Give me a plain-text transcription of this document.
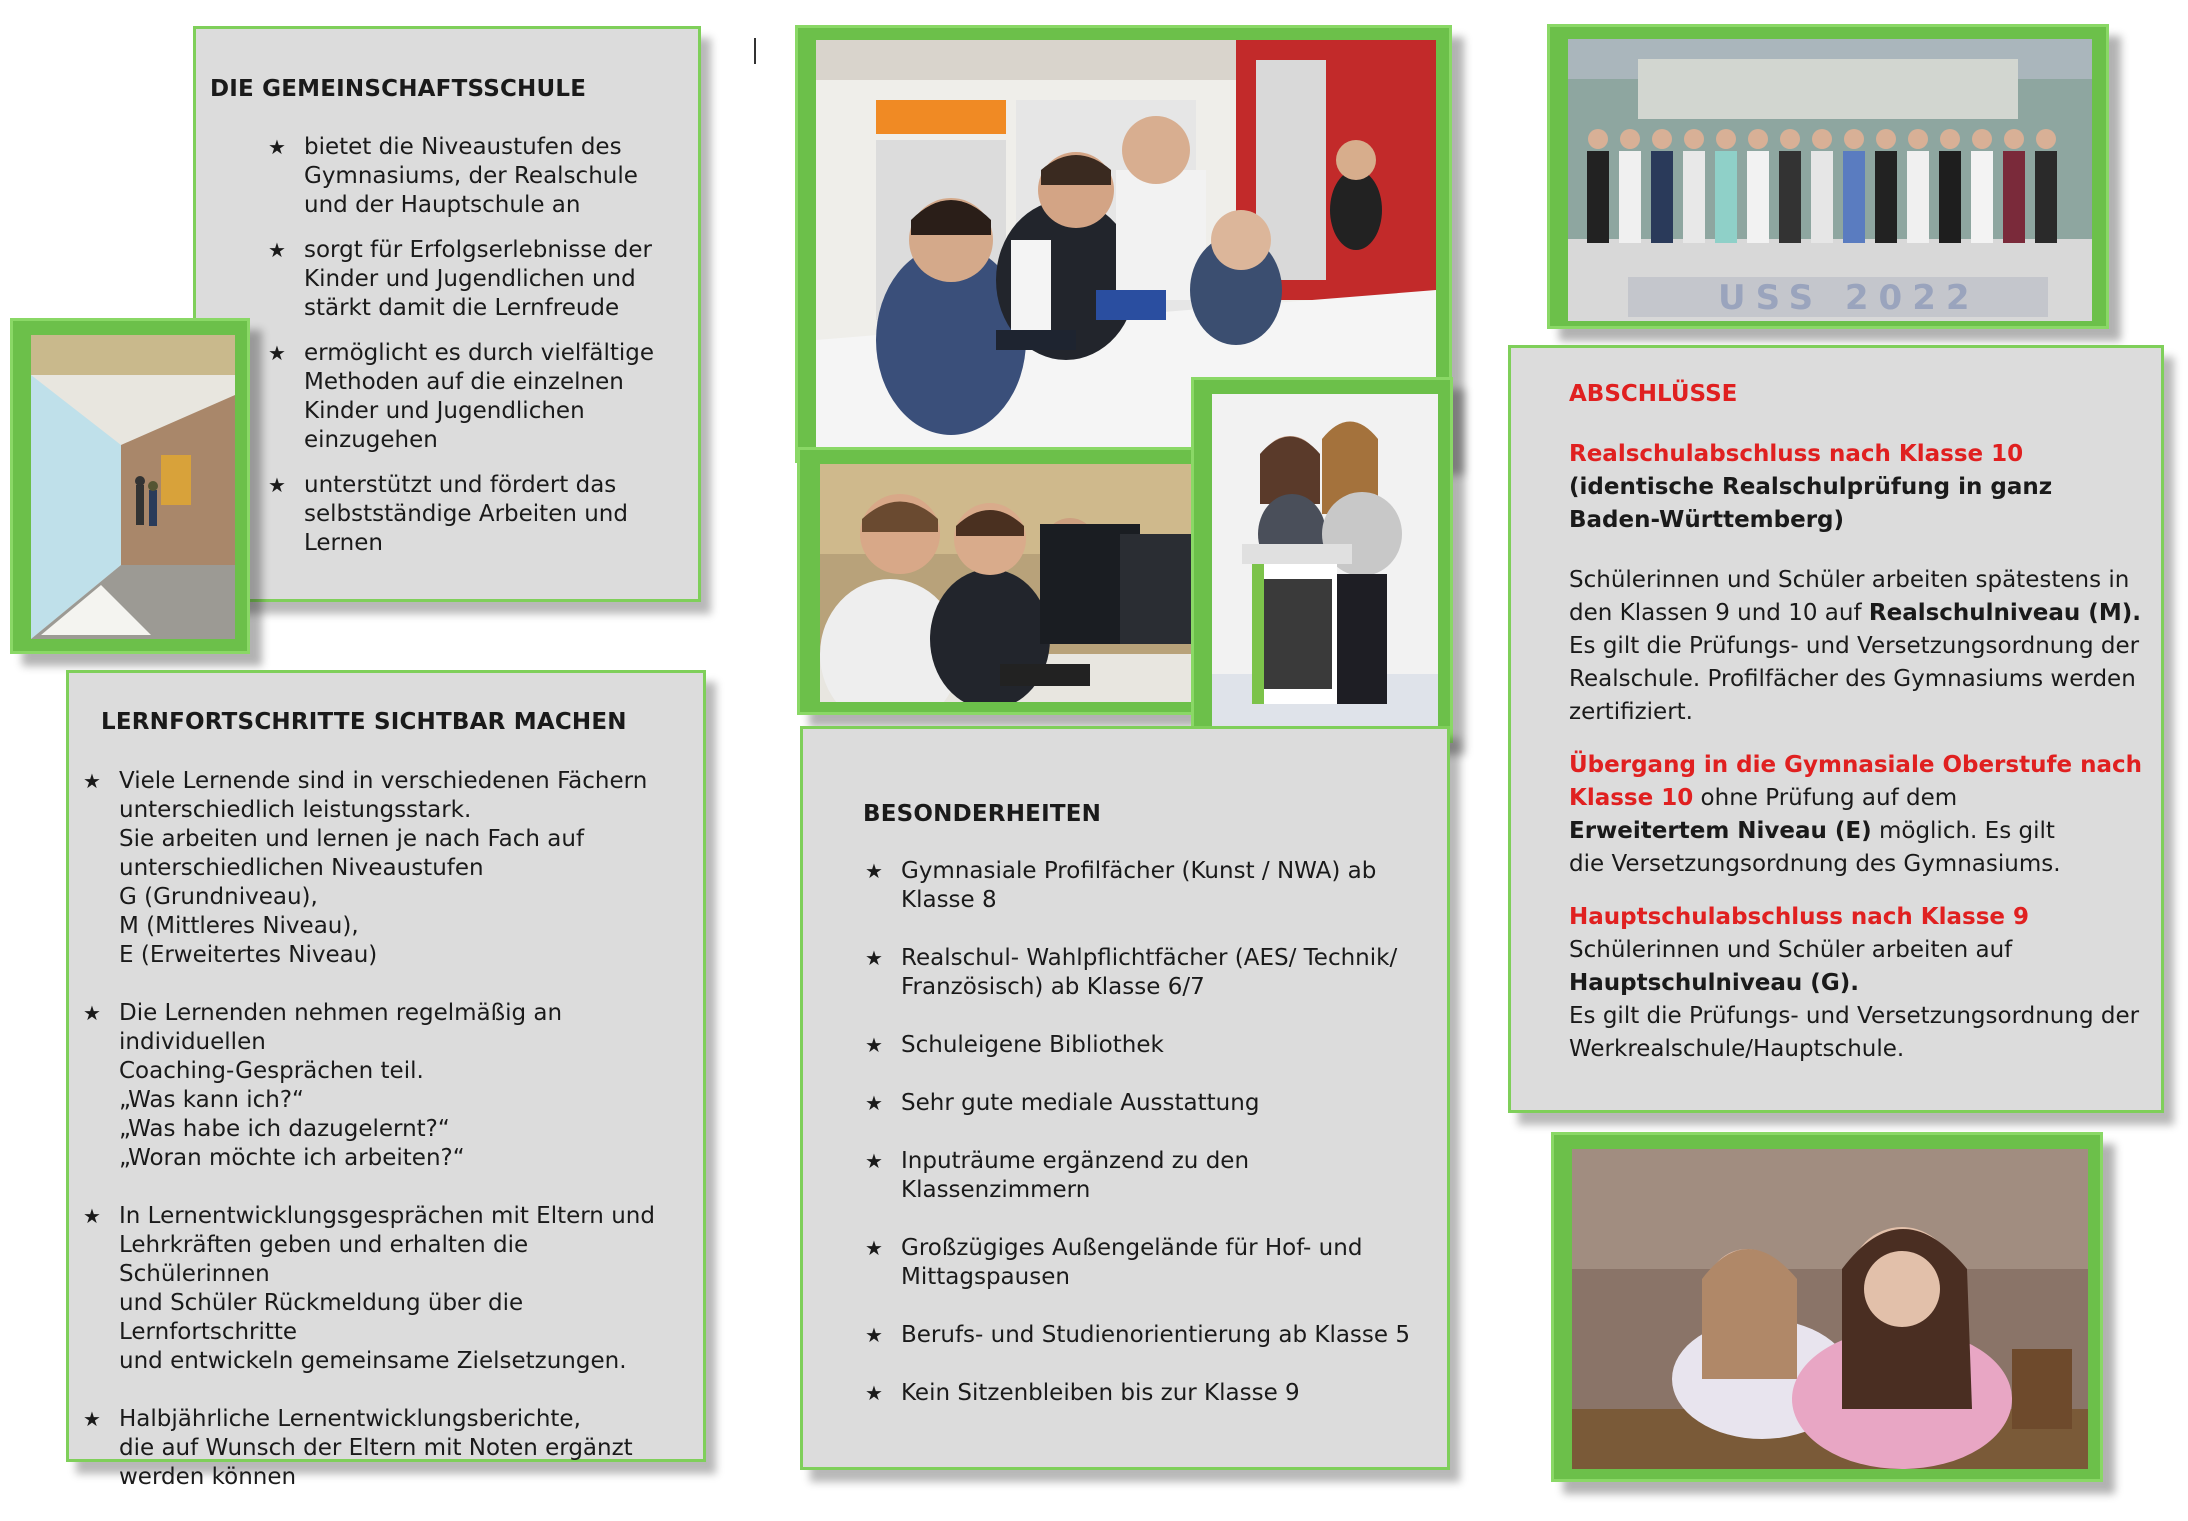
DIE GEMEINSCHAFTSSCHULE
★ bietet die Niveaustufen des
Gymnasiums, der Realschule
und der Hauptschule an
★ sorgt für Erfolgserlebnisse der
Kinder und Jugendlichen und
stärkt damit die Lernfreude
★ ermöglicht es durch vielfältige
Methoden auf die einzelnen
Kinder und Jugendlichen
einzugehen
★ unterstützt und fördert das
selbstständige Arbeiten und
Lernen
LERNFORTSCHRITTE SICHTBAR MACHEN
★ Viele Lernende sind in verschiedenen Fächern
unterschiedlich leistungsstark.
Sie arbeiten und lernen je nach Fach auf
unterschiedlichen Niveaustufen
G (Grundniveau),
M (Mittleres Niveau),
E (Erweitertes Niveau)
★ Die Lernenden nehmen regelmäßig an individuellen
Coaching-Gesprächen teil.
„Was kann ich?“
„Was habe ich dazugelernt?“
„Woran möchte ich arbeiten?“
★ In Lernentwicklungsgesprächen mit Eltern und
Lehrkräften geben und erhalten die Schülerinnen
und Schüler Rückmeldung über die Lernfortschritte
und entwickeln gemeinsame Zielsetzungen.
★ Halbjährliche Lernentwicklungsberichte,
die auf Wunsch der Eltern mit Noten ergänzt
werden können
BESONDERHEITEN
★ Gymnasiale Profilfächer (Kunst / NWA) ab
Klasse 8
★ Realschul- Wahlpflichtfächer (AES/ Technik/
Französisch) ab Klasse 6/7
★ Schuleigene Bibliothek
★ Sehr gute mediale Ausstattung
★ Inputräume ergänzend zu den
Klassenzimmern
★ Großzügiges Außengelände für Hof- und
Mittagspausen
★ Berufs- und Studienorientierung ab Klasse 5
★ Kein Sitzenbleiben bis zur Klasse 9
USS 2022

ABSCHLÜSSE

Realschulabschluss nach Klasse 10

(identische Realschulprüfung in ganz

Baden-Württemberg)

Schülerinnen und Schüler arbeiten spätestens in

den Klassen 9 und 10 auf Realschulniveau (M).

Es gilt die Prüfungs- und Versetzungsordnung der

Realschule. Profilfächer des Gymnasiums werden

zertifiziert.

Übergang in die Gymnasiale Oberstufe nach

Klasse 10 ohne Prüfung auf dem

Erweitertem Niveau (E) möglich. Es gilt

die Versetzungsordnung des Gymnasiums.

Hauptschulabschluss nach Klasse 9

Schülerinnen und Schüler arbeiten auf

Hauptschulniveau (G).

Es gilt die Prüfungs- und Versetzungsordnung der

Werkrealschule/Hauptschule.
